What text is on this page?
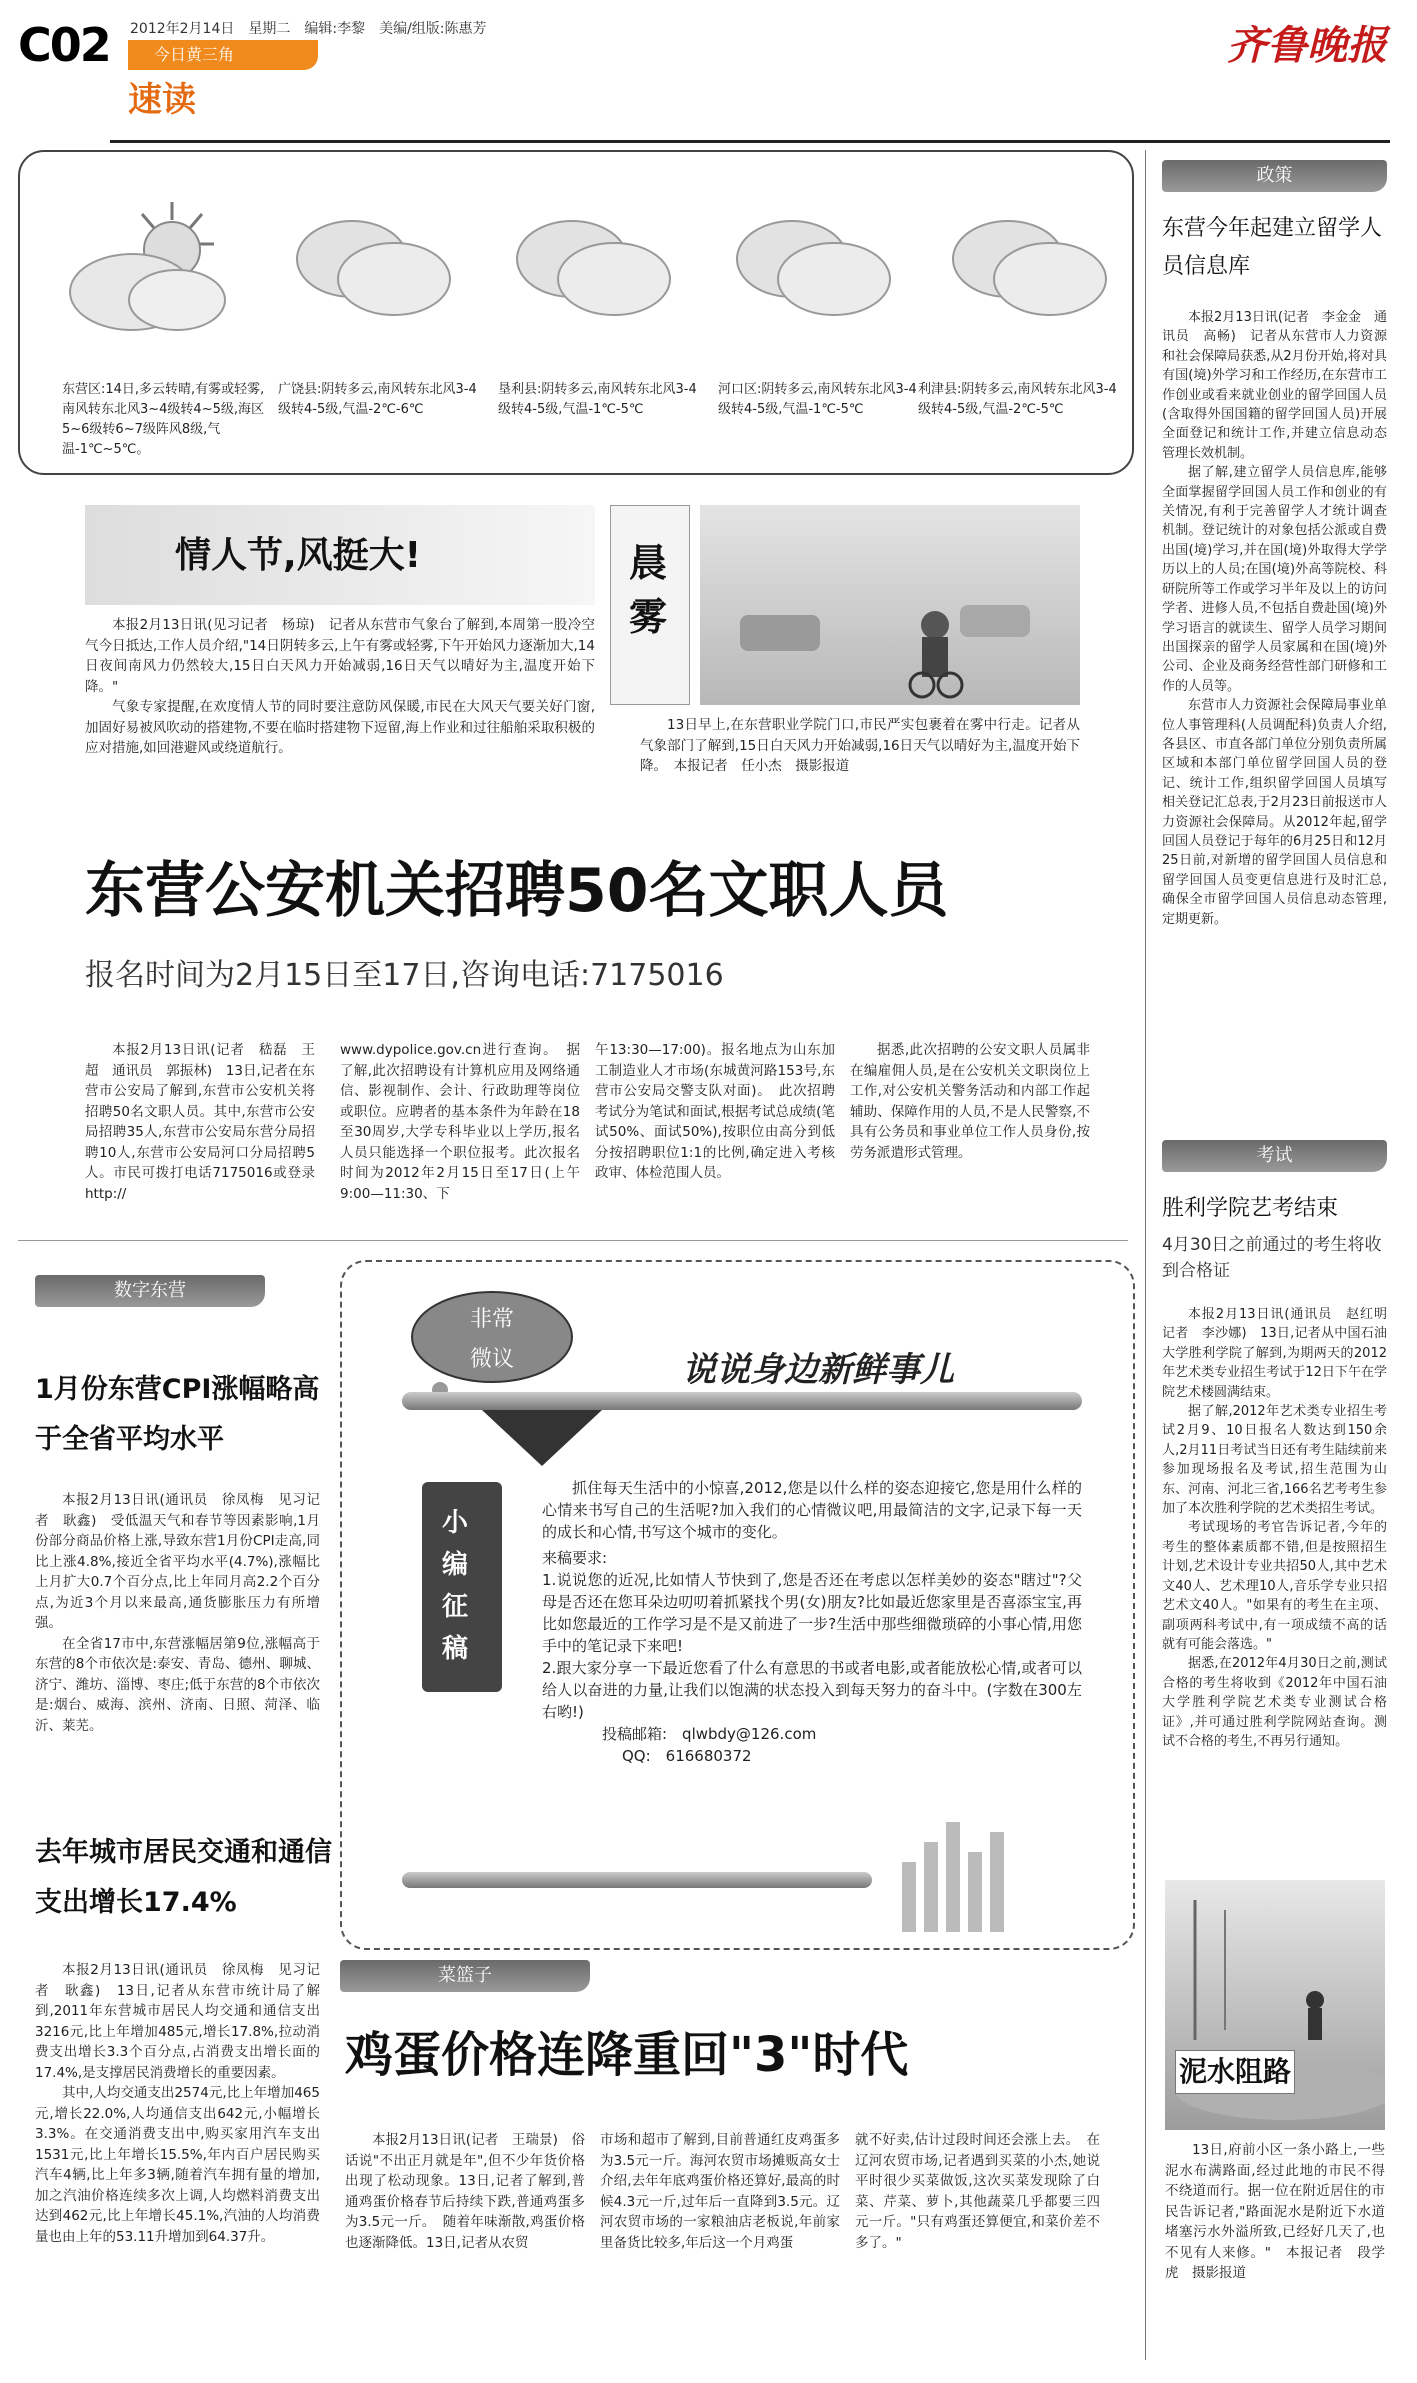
C02 2012年2月14日　星期二　编辑:李黎　美编/组版:陈惠芳
今日黄三角
速读
齐鲁晚报
东营区:14日,多云转晴,有雾或轻雾,南风转东北风3~4级转4~5级,海区5~6级转6~7级阵风8级,气温-1℃~5℃。
广饶县:阴转多云,南风转东北风3-4级转4-5级,气温-2℃-6℃
垦利县:阴转多云,南风转东北风3-4级转4-5级,气温-1℃-5℃
河口区:阴转多云,南风转东北风3-4级转4-5级,气温-1℃-5℃
利津县:阴转多云,南风转东北风3-4级转4-5级,气温-2℃-5℃
情人节,风挺大!

本报2月13日讯(见习记者　杨琼)　记者从东营市气象台了解到,本周第一股冷空气今日抵达,工作人员介绍,"14日阴转多云,上午有雾或轻雾,下午开始风力逐渐加大,14日夜间南风力仍然较大,15日白天风力开始减弱,16日天气以晴好为主,温度开始下降。"

气象专家提醒,在欢度情人节的同时要注意防风保暖,市民在大风天气要关好门窗,加固好易被风吹动的搭建物,不要在临时搭建物下逗留,海上作业和过往船舶采取积极的应对措施,如回港避风或绕道航行。

晨雾
13日早上,在东营职业学院门口,市民严实包裹着在雾中行走。记者从气象部门了解到,15日白天风力开始减弱,16日天气以晴好为主,温度开始下降。　本报记者　任小杰　摄影报道
东营公安机关招聘50名文职人员
报名时间为2月15日至17日,咨询电话:7175016
本报2月13日讯(记者　嵇磊　王超　通讯员　郭振林)　13日,记者在东营市公安局了解到,东营市公安机关将招聘50名文职人员。其中,东营市公安局招聘35人,东营市公安局东营分局招聘10人,东营市公安局河口分局招聘5人。市民可拨打电话7175016或登录http://
www.dypolice.gov.cn进行查询。　据了解,此次招聘设有计算机应用及网络通信、影视制作、会计、行政助理等岗位或职位。应聘者的基本条件为年龄在18至30周岁,大学专科毕业以上学历,报名人员只能选择一个职位报考。此次报名时间为2012年2月15日至17日(上午9:00—11:30、下
午13:30—17:00)。报名地点为山东加工制造业人才市场(东城黄河路153号,东营市公安局交警支队对面)。　此次招聘考试分为笔试和面试,根据考试总成绩(笔试50%、面试50%),按职位由高分到低分按招聘职位1:1的比例,确定进入考核政审、体检范围人员。
据悉,此次招聘的公安文职人员属非在编雇佣人员,是在公安机关文职岗位上工作,对公安机关警务活动和内部工作起辅助、保障作用的人员,不是人民警察,不具有公务员和事业单位工作人员身份,按劳务派遣形式管理。
数字东营
1月份东营CPI涨幅略高于全省平均水平

本报2月13日讯(通讯员　徐凤梅　见习记者　耿鑫)　受低温天气和春节等因素影响,1月份部分商品价格上涨,导致东营1月份CPI走高,同比上涨4.8%,接近全省平均水平(4.7%),涨幅比上月扩大0.7个百分点,比上年同月高2.2个百分点,为近3个月以来最高,通货膨胀压力有所增强。

在全省17市中,东营涨幅居第9位,涨幅高于东营的8个市依次是:泰安、青岛、德州、聊城、济宁、潍坊、淄博、枣庄;低于东营的8个市依次是:烟台、威海、滨州、济南、日照、菏泽、临沂、莱芜。

去年城市居民交通和通信支出增长17.4%

本报2月13日讯(通讯员　徐凤梅　见习记者　耿鑫)　13日,记者从东营市统计局了解到,2011年东营城市居民人均交通和通信支出3216元,比上年增加485元,增长17.8%,拉动消费支出增长3.3个百分点,占消费支出增长面的17.4%,是支撑居民消费增长的重要因素。

其中,人均交通支出2574元,比上年增加465元,增长22.0%,人均通信支出642元,小幅增长3.3%。在交通消费支出中,购买家用汽车支出1531元,比上年增长15.5%,年内百户居民购买汽车4辆,比上年多3辆,随着汽车拥有量的增加,加之汽油价格连续多次上调,人均燃料消费支出达到462元,比上年增长45.1%,汽油的人均消费量也由上年的53.11升增加到64.37升。

非常
微议	说说身边新鲜事儿
小编征稿

抓住每天生活中的小惊喜,2012,您是以什么样的姿态迎接它,您是用什么样的心情来书写自己的生活呢?加入我们的心情微议吧,用最简洁的文字,记录下每一天的成长和心情,书写这个城市的变化。

来稿要求:
1.说说您的近况,比如情人节快到了,您是否还在考虑以怎样美妙的姿态"瞎过"?父母是否还在您耳朵边叨叨着抓紧找个男(女)朋友?比如最近您家里是否喜添宝宝,再比如您最近的工作学习是不是又前进了一步?生活中那些细微琐碎的小事心情,用您手中的笔记录下来吧!
2.跟大家分享一下最近您看了什么有意思的书或者电影,或者能放松心情,或者可以给人以奋进的力量,让我们以饱满的状态投入到每天努力的奋斗中。(字数在300左右哟!)
投稿邮箱:　qlwbdy@126.com
QQ:　616680372
菜篮子
鸡蛋价格连降重回"3"时代
本报2月13日讯(记者　王瑞景)　俗话说"不出正月就是年",但不少年货价格出现了松动现象。13日,记者了解到,普通鸡蛋价格春节后持续下跌,普通鸡蛋多为3.5元一斤。　随着年味渐散,鸡蛋价格也逐渐降低。13日,记者从农贸
市场和超市了解到,目前普通红皮鸡蛋多为3.5元一斤。海河农贸市场摊贩高女士介绍,去年年底鸡蛋价格还算好,最高的时候4.3元一斤,过年后一直降到3.5元。辽河农贸市场的一家粮油店老板说,年前家里备货比较多,年后这一个月鸡蛋
就不好卖,估计过段时间还会涨上去。　在辽河农贸市场,记者遇到买菜的小杰,她说平时很少买菜做饭,这次买菜发现除了白菜、芹菜、萝卜,其他蔬菜几乎都要三四元一斤。"只有鸡蛋还算便宜,和菜价差不多了。"
政策
东营今年起建立留学人员信息库

本报2月13日讯(记者　李金金　通讯员　高畅)　记者从东营市人力资源和社会保障局获悉,从2月份开始,将对具有国(境)外学习和工作经历,在东营市工作创业或看来就业创业的留学回国人员(含取得外国国籍的留学回国人员)开展全面登记和统计工作,并建立信息动态管理长效机制。

据了解,建立留学人员信息库,能够全面掌握留学回国人员工作和创业的有关情况,有利于完善留学人才统计调查机制。登记统计的对象包括公派或自费出国(境)学习,并在国(境)外取得大学学历以上的人员;在国(境)外高等院校、科研院所等工作或学习半年及以上的访问学者、进修人员,不包括自费赴国(境)外学习语言的就读生、留学人员学习期间出国探亲的留学人员家属和在国(境)外公司、企业及商务经营性部门研修和工作的人员等。

东营市人力资源社会保障局事业单位人事管理科(人员调配科)负责人介绍,各县区、市直各部门单位分别负责所属区域和本部门单位留学回国人员的登记、统计工作,组织留学回国人员填写相关登记汇总表,于2月23日前报送市人力资源社会保障局。从2012年起,留学回国人员登记于每年的6月25日和12月25日前,对新增的留学回国人员信息和留学回国人员变更信息进行及时汇总,确保全市留学回国人员信息动态管理,定期更新。

考试
胜利学院艺考结束
4月30日之前通过的考生将收到合格证

本报2月13日讯(通讯员　赵红明　记者　李沙娜)　13日,记者从中国石油大学胜利学院了解到,为期两天的2012年艺术类专业招生考试于12日下午在学院艺术楼圆满结束。

据了解,2012年艺术类专业招生考试2月9、10日报名人数达到150余人,2月11日考试当日还有考生陆续前来参加现场报名及考试,招生范围为山东、河南、河北三省,166名艺考考生参加了本次胜利学院的艺术类招生考试。

考试现场的考官告诉记者,今年的考生的整体素质都不错,但是按照招生计划,艺术设计专业共招50人,其中艺术文40人、艺术理10人,音乐学专业只招艺术文40人。"如果有的考生在主项、副项两科考试中,有一项成绩不高的话就有可能会落选。"

据悉,在2012年4月30日之前,测试合格的考生将收到《2012年中国石油大学胜利学院艺术类专业测试合格证》,并可通过胜利学院网站查询。测试不合格的考生,不再另行通知。

泥水阻路
13日,府前小区一条小路上,一些泥水布满路面,经过此地的市民不得不绕道而行。据一位在附近居住的市民告诉记者,"路面泥水是附近下水道堵塞污水外溢所致,已经好几天了,也不见有人来修。"　本报记者　段学虎　摄影报道
